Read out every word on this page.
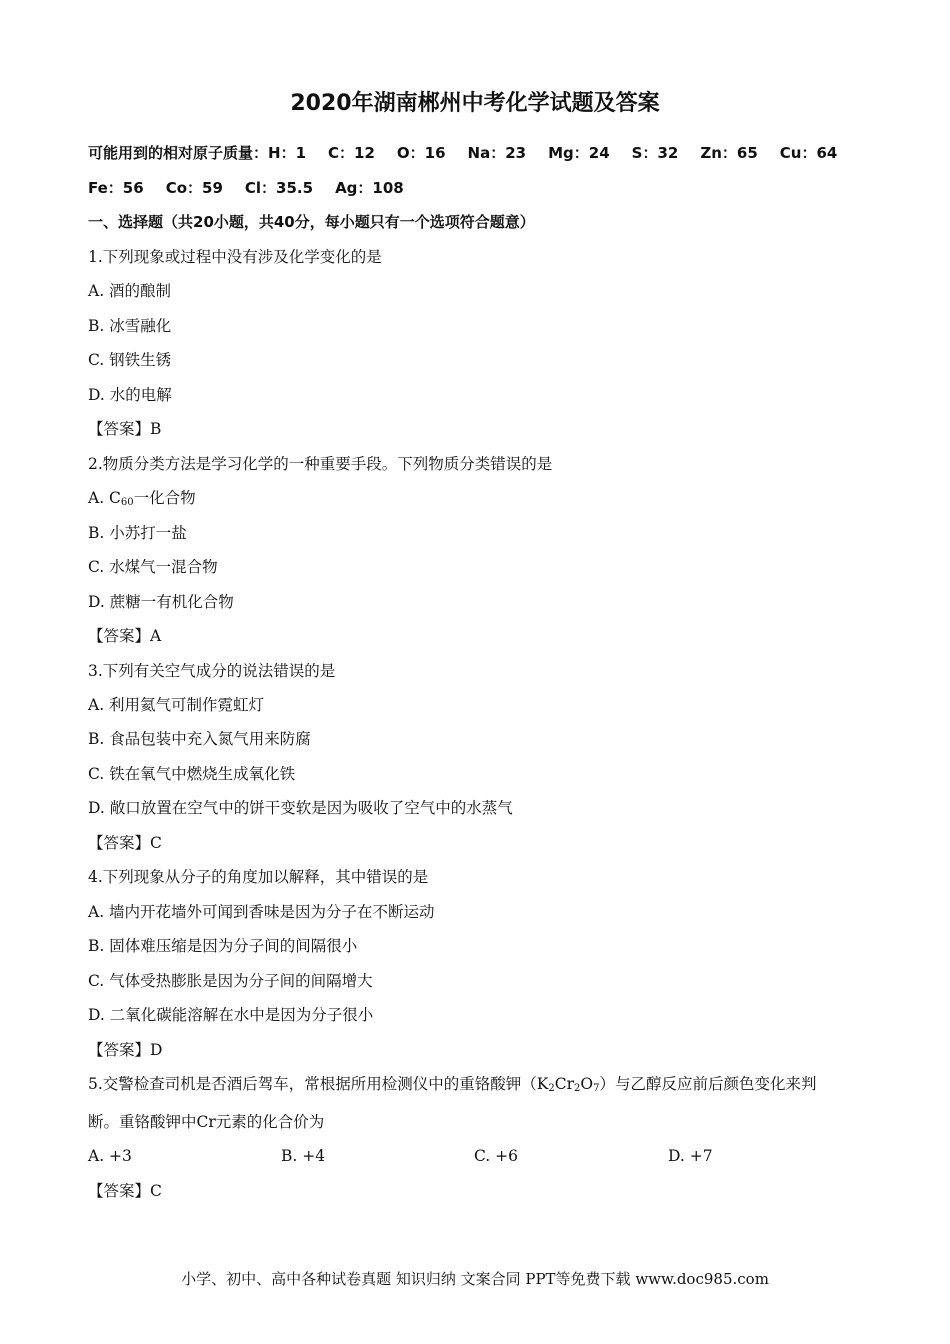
2020年湖南郴州中考化学试题及答案
可能用到的相对原子质量：H：1 C：12 O：16 Na：23 Mg：24 S：32 Zn：65 Cu：64
Fe：56 Co：59 Cl：35.5 Ag：108
一、选择题（共20小题，共40分，每小题只有一个选项符合题意）
1.下列现象或过程中没有涉及化学变化的是
A. 酒的酿制
B. 冰雪融化
C. 钢铁生锈
D. 水的电解
【答案】B
2.物质分类方法是学习化学的一种重要手段。下列物质分类错误的是
A. $C_{60}$一化合物
B. 小苏打一盐
C. 水煤气一混合物
D. 蔗糖一有机化合物
【答案】A
3.下列有关空气成分的说法错误的是
A. 利用氦气可制作霓虹灯
B. 食品包装中充入氮气用来防腐
C. 铁在氧气中燃烧生成氧化铁
D. 敞口放置在空气中的饼干变软是因为吸收了空气中的水蒸气
【答案】C
4.下列现象从分子的角度加以解释，其中错误的是
A. 墙内开花墙外可闻到香味是因为分子在不断运动
B. 固体难压缩是因为分子间的间隔很小
C. 气体受热膨胀是因为分子间的间隔增大
D. 二氧化碳能溶解在水中是因为分子很小
【答案】D
5.交警检查司机是否酒后驾车，常根据所用检测仪中的重铬酸钾$(K_2Cr_2O_7)$与乙醇反应前后颜色变化来判
断。重铬酸钾中Cr元素的化合价为
A. +3	B. +4	C. +6	D. +7
【答案】C
小学、初中、高中各种试卷真题 知识归纳 文案合同 PPT等免费下载 www.doc985.com
